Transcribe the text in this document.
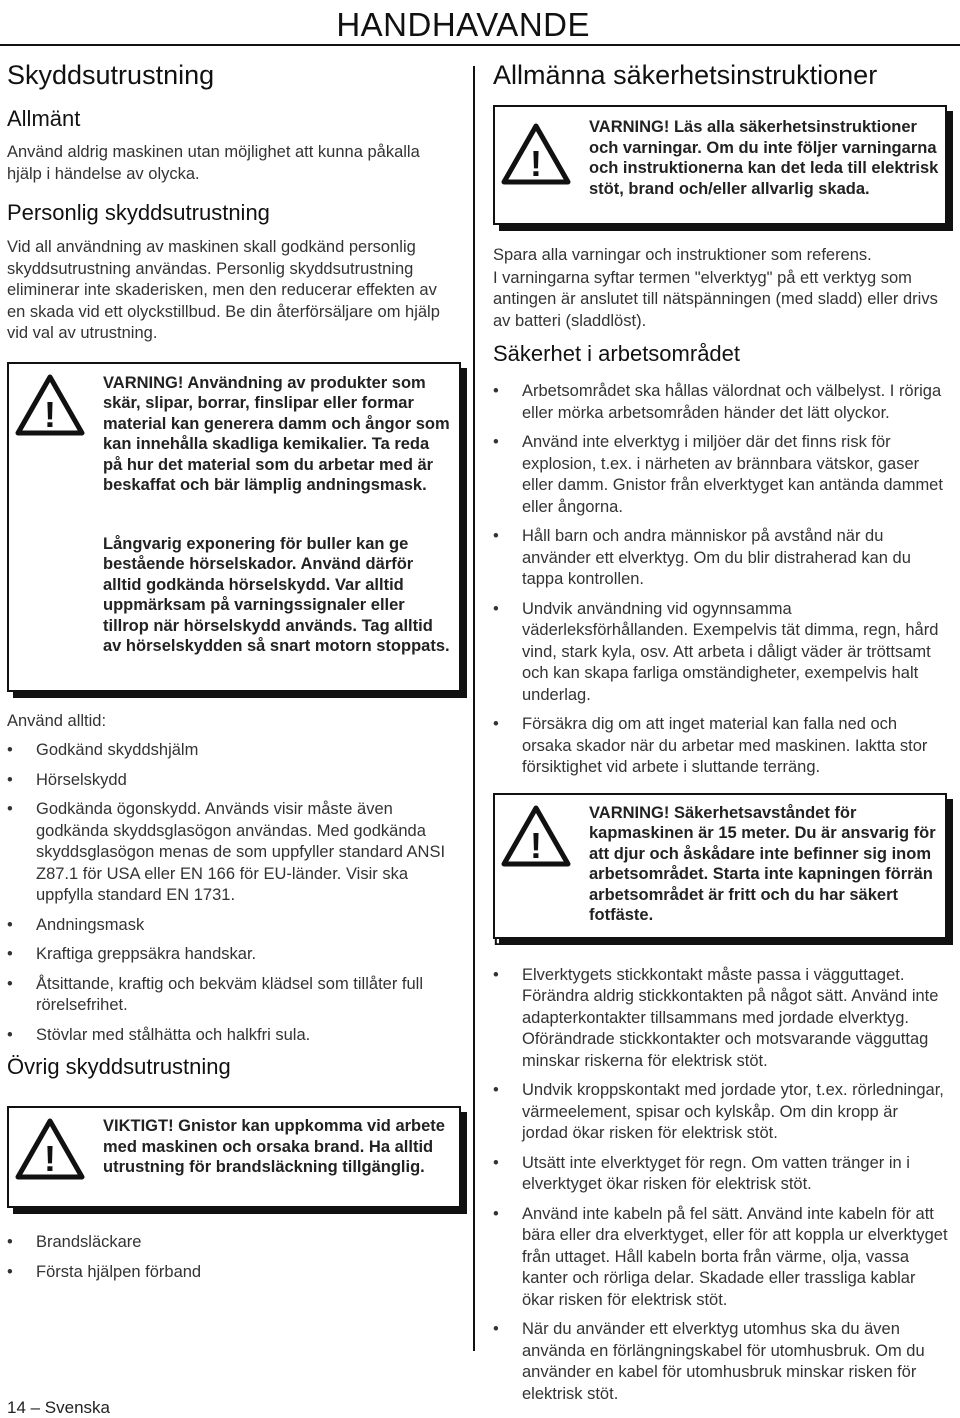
HANDHAVANDE
Skyddsutrustning
Allmänt

Använd aldrig maskinen utan möjlighet att kunna påkalla hjälp i händelse av olycka.

Personlig skyddsutrustning

Vid all användning av maskinen skall godkänd personlig skyddsutrustning användas. Personlig skyddsutrustning eliminerar inte skaderisken, men den reducerar effekten av en skada vid ett olyckstillbud. Be din återförsäljare om hjälp vid val av utrustning.

!
VARNING! Användning av produkter som skär, slipar, borrar, finslipar eller formar material kan generera damm och ångor som kan innehålla skadliga kemikalier. Ta reda på hur det material som du arbetar med är beskaffat och bär lämplig andningsmask.
Långvarig exponering för buller kan ge bestående hörselskador. Använd därför alltid godkända hörselskydd. Var alltid uppmärksam på varningssignaler eller tillrop när hörselskydd används. Tag alltid av hörselskydden så snart motorn stoppats.

Använd alltid:

• Godkänd skyddshjälm
• Hörselskydd
• Godkända ögonskydd. Används visir måste även godkända skyddsglasögon användas. Med godkända skyddsglasögon menas de som uppfyller standard ANSI Z87.1 för USA eller EN 166 för EU-länder. Visir ska uppfylla standard EN 1731.
• Andningsmask
• Kraftiga greppsäkra handskar.
• Åtsittande, kraftig och bekväm klädsel som tillåter full rörelsefrihet.
• Stövlar med stålhätta och halkfri sula.
Övrig skyddsutrustning
!
VIKTIGT! Gnistor kan uppkomma vid arbete med maskinen och orsaka brand. Ha alltid utrustning för brandsläckning tillgänglig.
• Brandsläckare
• Första hjälpen förband
14 – Svenska
Allmänna säkerhetsinstruktioner
!
VARNING! Läs alla säkerhetsinstruktioner och varningar. Om du inte följer varningarna och instruktionerna kan det leda till elektrisk stöt, brand och/eller allvarlig skada.

Spara alla varningar och instruktioner som referens.

I varningarna syftar termen "elverktyg" på ett verktyg som antingen är anslutet till nätspänningen (med sladd) eller drivs av batteri (sladdlöst).

Säkerhet i arbetsområdet
• Arbetsområdet ska hållas välordnat och välbelyst. I röriga eller mörka arbetsområden händer det lätt olyckor.
• Använd inte elverktyg i miljöer där det finns risk för explosion, t.ex. i närheten av brännbara vätskor, gaser eller damm. Gnistor från elverktyget kan antända dammet eller ångorna.
• Håll barn och andra människor på avstånd när du använder ett elverktyg. Om du blir distraherad kan du tappa kontrollen.
• Undvik användning vid ogynnsamma väderleksförhållanden. Exempelvis tät dimma, regn, hård vind, stark kyla, osv. Att arbeta i dåligt väder är tröttsamt och kan skapa farliga omständigheter, exempelvis halt underlag.
• Försäkra dig om att inget material kan falla ned och orsaka skador när du arbetar med maskinen. Iaktta stor försiktighet vid arbete i sluttande terräng.
!
VARNING! Säkerhetsavståndet för kapmaskinen är 15 meter. Du är ansvarig för att djur och åskådare inte befinner sig inom arbetsområdet. Starta inte kapningen förrän arbetsområdet är fritt och du har säkert fotfäste.
• Elverktygets stickkontakt måste passa i vägguttaget. Förändra aldrig stickkontakten på något sätt. Använd inte adapterkontakter tillsammans med jordade elverktyg. Oförändrade stickkontakter och motsvarande vägguttag minskar riskerna för elektrisk stöt.
• Undvik kroppskontakt med jordade ytor, t.ex. rörledningar, värmeelement, spisar och kylskåp. Om din kropp är jordad ökar risken för elektrisk stöt.
• Utsätt inte elverktyget för regn. Om vatten tränger in i elverktyget ökar risken för elektrisk stöt.
• Använd inte kabeln på fel sätt. Använd inte kabeln för att bära eller dra elverktyget, eller för att koppla ur elverktyget från uttaget. Håll kabeln borta från värme, olja, vassa kanter och rörliga delar. Skadade eller trassliga kablar ökar risken för elektrisk stöt.
• När du använder ett elverktyg utomhus ska du även använda en förlängningskabel för utomhusbruk. Om du använder en kabel för utomhusbruk minskar risken för elektrisk stöt.
